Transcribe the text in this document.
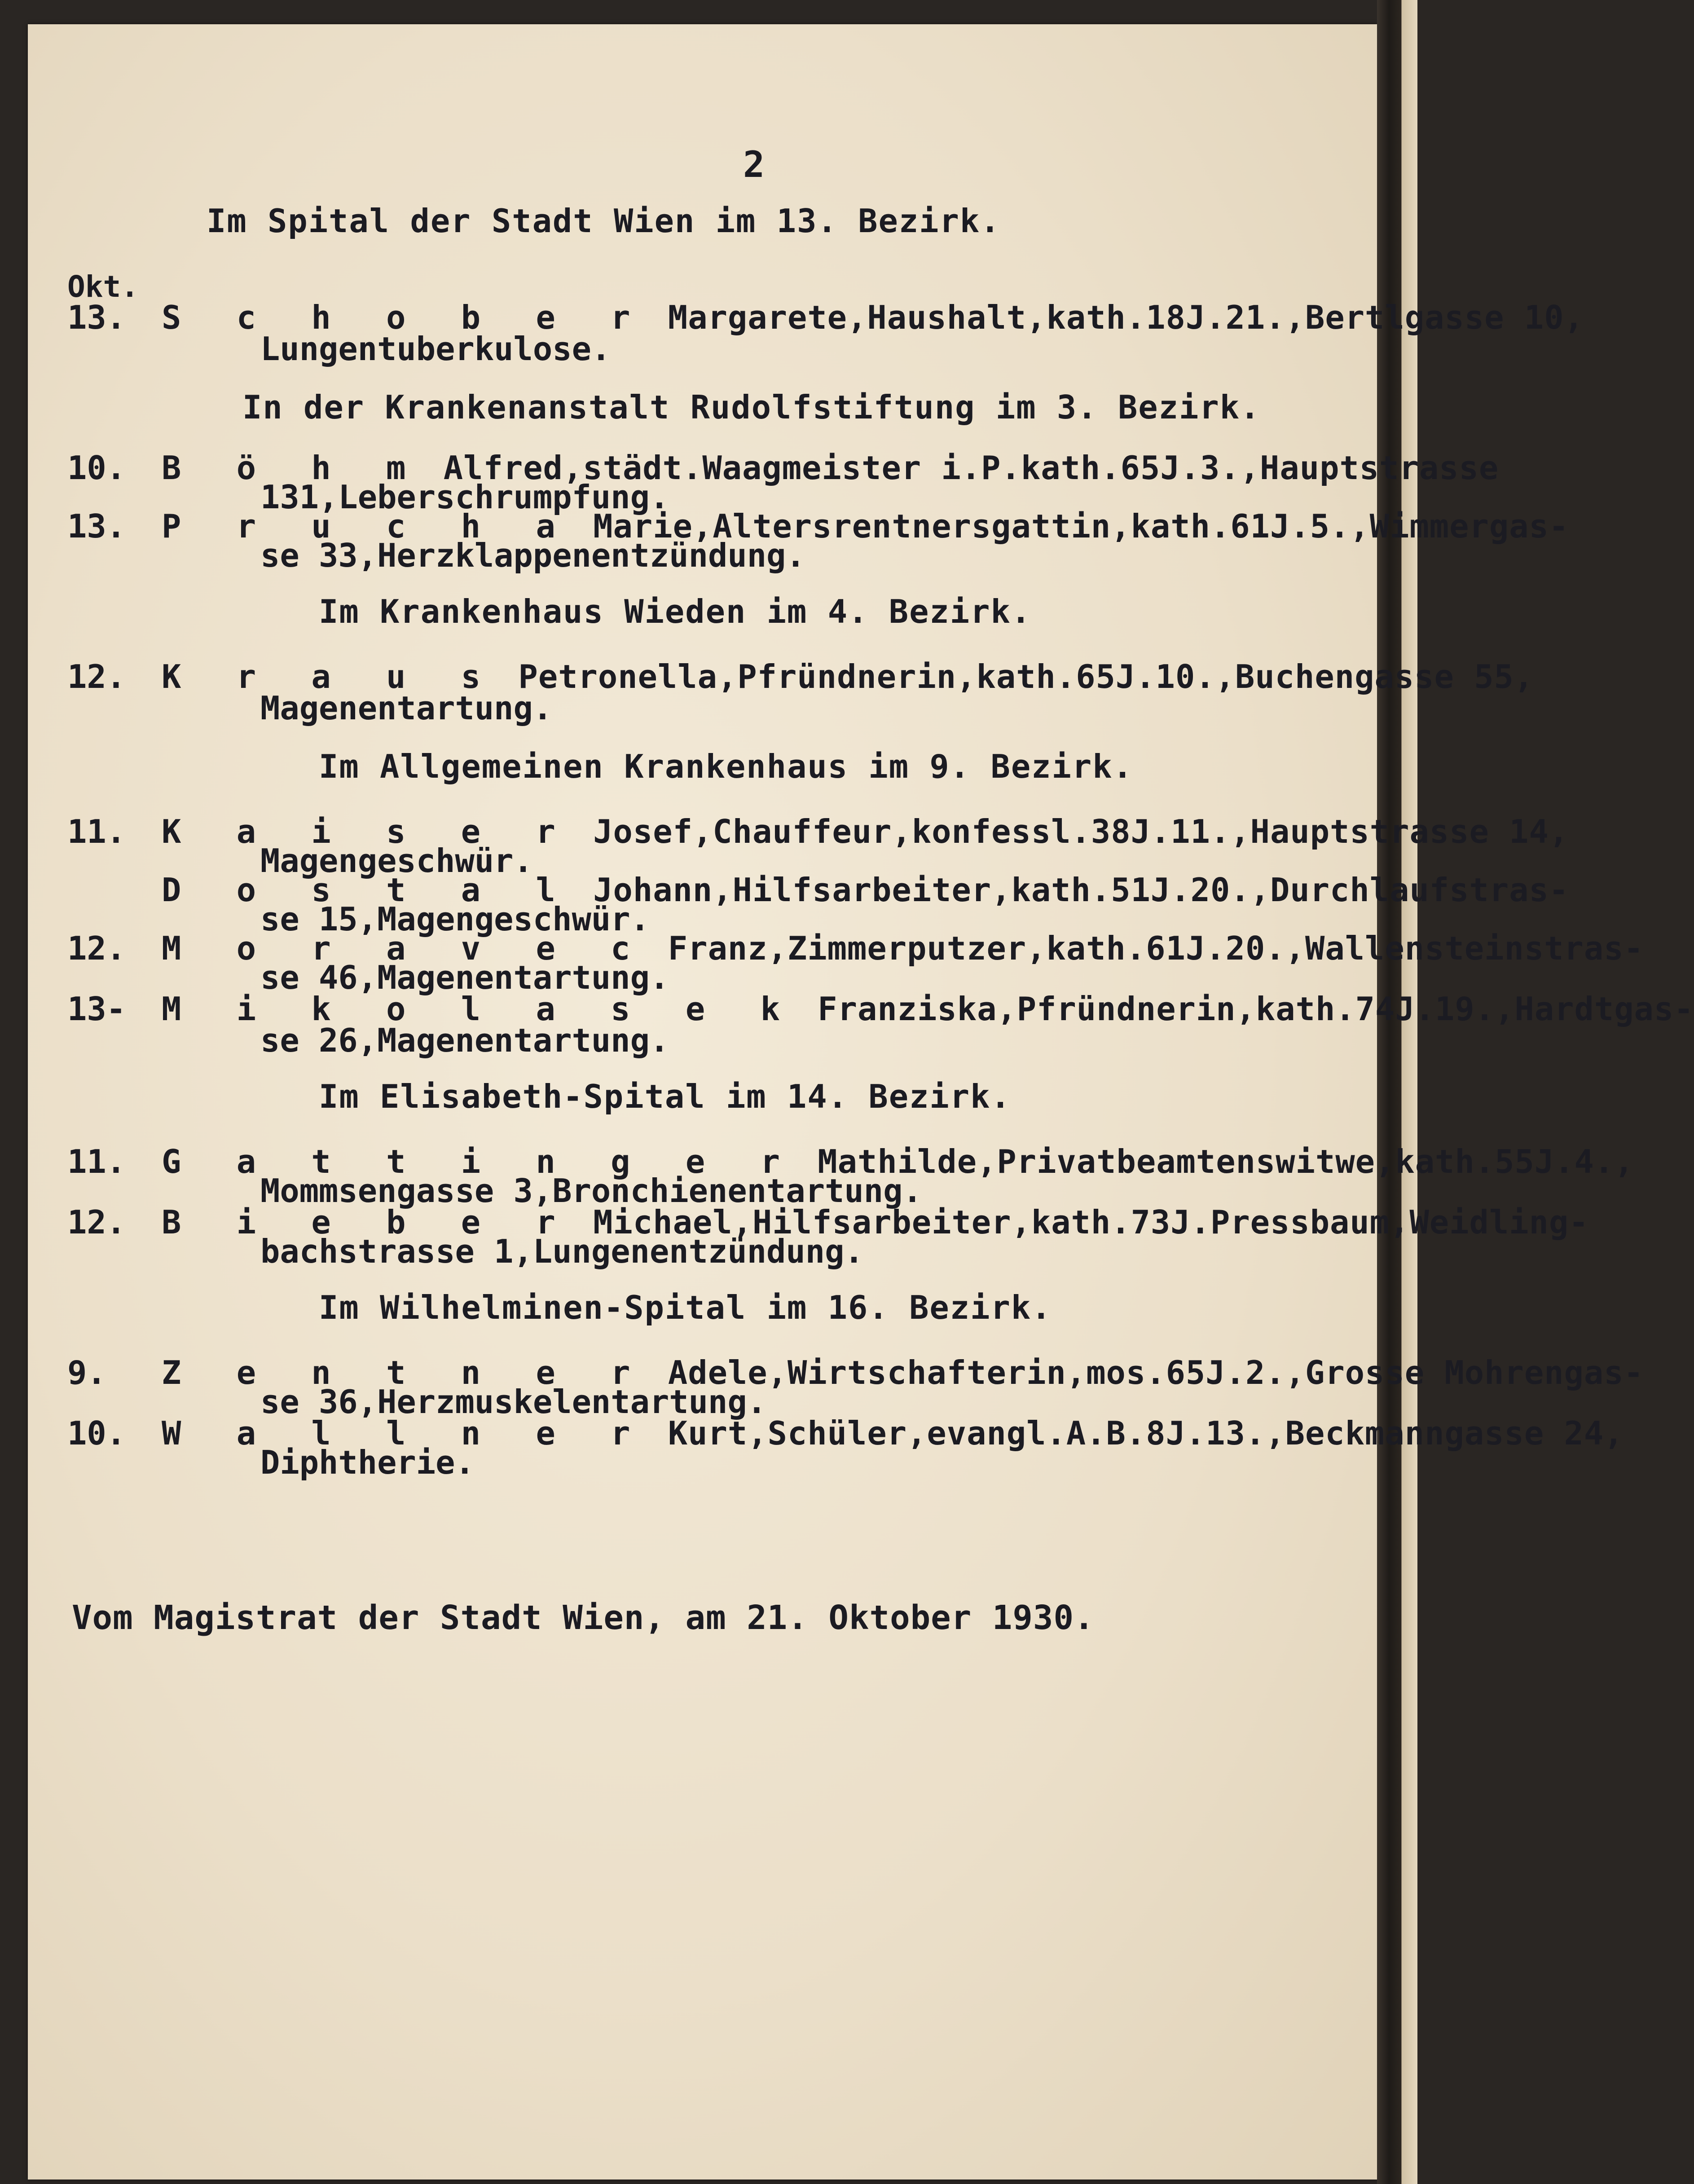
2
Okt.
Im Spital der Stadt Wien im 13. Bezirk.
13. S c h o b e r Margarete,Haushalt,kath.18J.21.,Bertlgasse 10,
Lungentuberkulose.
In der Krankenanstalt Rudolfstiftung im 3. Bezirk.
10. B ö h m Alfred,städt.Waagmeister i.P.kath.65J.3.,Hauptstrasse
131,Leberschrumpfung.
13. P r u c h a Marie,Altersrentnersgattin,kath.61J.5.,Wimmergas-
se 33,Herzklappenentzündung.
Im Krankenhaus Wieden im 4. Bezirk.
12. K r a u s Petronella,Pfründnerin,kath.65J.10.,Buchengasse 55,
Magenentartung.
Im Allgemeinen Krankenhaus im 9. Bezirk.
11. K a i s e r Josef,Chauffeur,konfessl.38J.11.,Hauptstrasse 14,
Magengeschwür.
D o s t a l Johann,Hilfsarbeiter,kath.51J.20.,Durchlaufstras-
se 15,Magengeschwür.
12. M o r a v e c Franz,Zimmerputzer,kath.61J.20.,Wallensteinstras-
se 46,Magenentartung.
13- M i k o l a s e k Franziska,Pfründnerin,kath.74J.19.,Hardtgas-
se 26,Magenentartung.
Im Elisabeth-Spital im 14. Bezirk.
11. G a t t i n g e r Mathilde,Privatbeamtenswitwe,kath.55J.4.,
Mommsengasse 3,Bronchienentartung.
12. B i e b e r Michael,Hilfsarbeiter,kath.73J.Pressbaum,Weidling-
bachstrasse 1,Lungenentzündung.
Im Wilhelminen-Spital im 16. Bezirk.
9. Z e n t n e r Adele,Wirtschafterin,mos.65J.2.,Grosse Mohrengas-
se 36,Herzmuskelentartung.
10. W a l l n e r Kurt,Schüler,evangl.A.B.8J.13.,Beckmanngasse 24,
Diphtherie.
Vom Magistrat der Stadt Wien, am 21. Oktober 1930.
